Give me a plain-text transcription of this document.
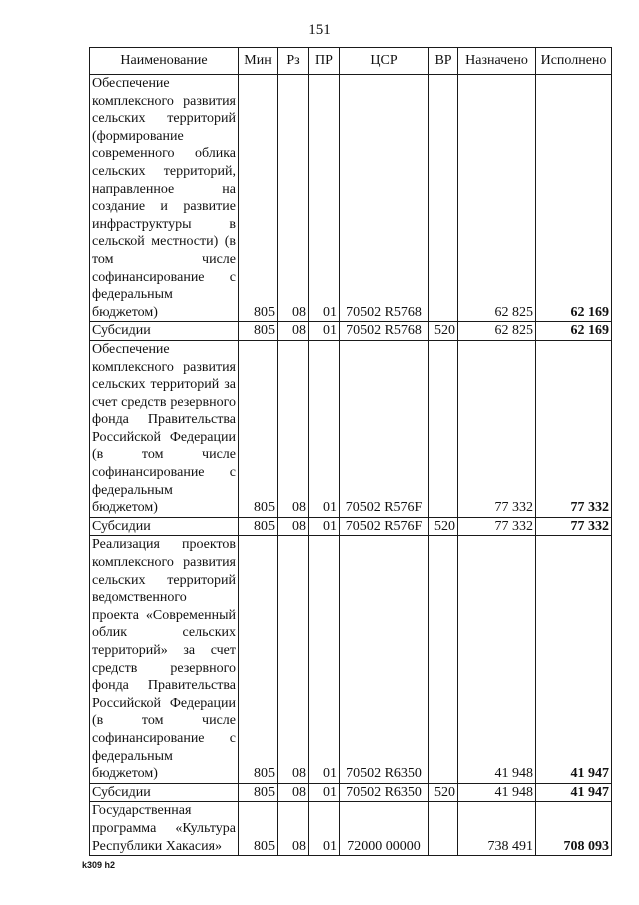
151
Наименование	Мин	Рз	ПР	ЦСР	ВР	Назначено	Исполнено
Обеспечение комплексного развития сельских территорий (формирование современного облика сельских территорий, направленное на создание и развитие инфраструктуры в сельской местности) (в том числе софинансирование с федеральным бюджетом)	805	08	01	70502 R5768		62 825	62 169
Субсидии	805	08	01	70502 R5768	520	62 825	62 169
Обеспечение комплексного развития сельских территорий за счет средств резервного фонда Правительства Российской Федерации (в том числе софинансирование с федеральным бюджетом)	805	08	01	70502 R576F		77 332	77 332
Субсидии	805	08	01	70502 R576F	520	77 332	77 332
Реализация проектов комплексного развития сельских территорий ведомственного проекта «Современный облик сельских территорий» за счет средств резервного фонда Правительства Российской Федерации (в том числе софинансирование с федеральным бюджетом)	805	08	01	70502 R6350		41 948	41 947
Субсидии	805	08	01	70502 R6350	520	41 948	41 947
Государственная программа «Культура Республики Хакасия»	805	08	01	72000 00000		738 491	708 093
k309 h2
